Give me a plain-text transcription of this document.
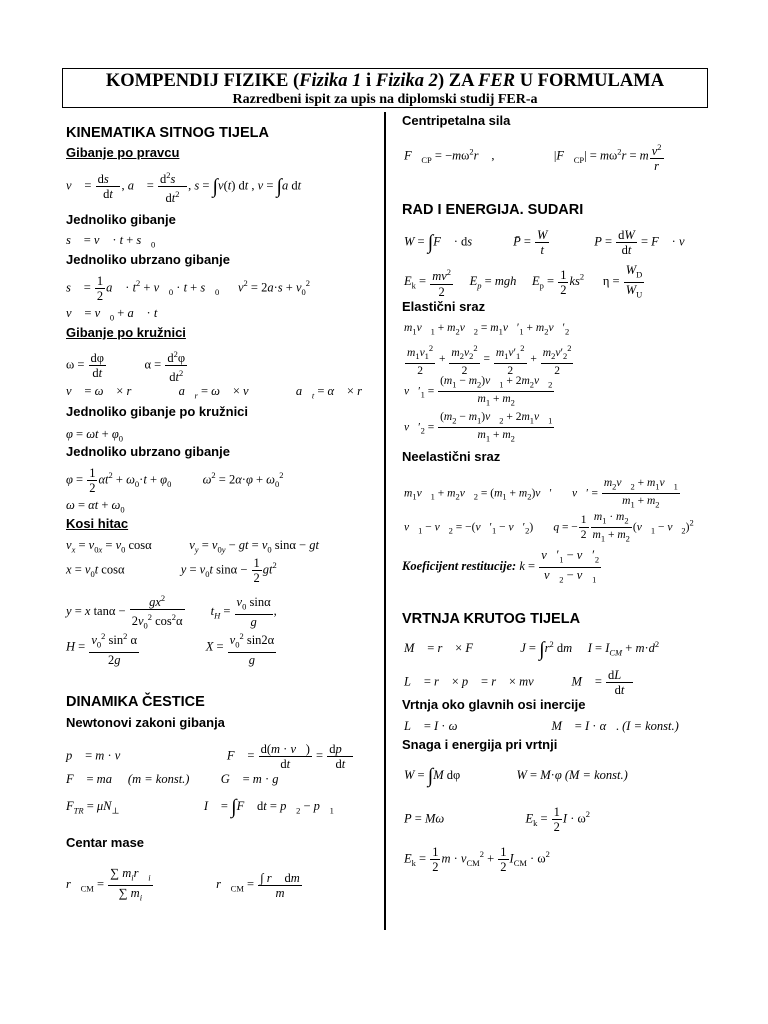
KOMPENDIJ FIZIKE (Fizika 1 i Fizika 2) ZA FER U FORMULAMA
Razredbeni ispit za upis na diplomski studij FER-a
KINEMATIKA SITNOG TIJELA
Gibanje po pravcu
v⃗ = $\frac{ds⃗}{dt}$ , a⃗ = $\frac{d^2s⃗}{dt^2}$ , s = ∫v(t) dt , v = ∫a dt
Jednoliko gibanje
s⃗ = v⃗ · $t + s⃗_0$
Jednoliko ubrzano gibanje
s⃗ = $\frac{1}{2}$ a⃗ · $t^2$ + $v⃗_0 \cdot t$ + $s⃗_0$ $v^2 = 2a\cdot s + v_0^2$
v⃗ = $v⃗_0$ + a⃗ · t
Gibanje po kružnici
$\omega = \frac{d\varphi}{dt}$ $\alpha = \frac{d^2\varphi}{dt^2}$
v⃗ = ω⃗ × r⃗	$a⃗_r$ = ω⃗ × v⃗	$a⃗_t$ = α⃗ × r⃗
Jednoliko gibanje po kružnici
$\varphi = \omega t + \varphi_0$
Jednoliko ubrzano gibanje
$\varphi = \frac{1}{2} \alpha t^2 + \omega_0\cdot t + \varphi_0$	$\omega^2 = 2\alpha\cdot\varphi + \omega_0^2$
$\omega = \alpha t + \omega_0$
Kosi hitac
$v_x = v_{0x} = v_0$ cosα            $v_y = v_{0y}$ − gt = $v_0$ sinα − gt
$x = v_0t$ cosα                  $y = v_0t$ $\sin\alpha - \frac{1}{2} gt^2$
y = x $\tan\alpha - \frac{gx^2}{2v_0^2 \cos^2\alpha} t_H = \frac{v_0 \sin\alpha}{g}$ ,
$H = \frac{v_0^2 \sin^2 \alpha}{2g}$	$X = \frac{v_0^2 \sin 2\alpha}{g}$
DINAMIKA ČESTICE
Newtonovi zakoni gibanja
p⃗ = m · v⃗	F⃗ = $\frac{d(m \cdot v⃗)}{dt} = \frac{dp⃗}{dt}$
F⃗ = ma⃗ (m = konst.)	G⃗ = m · g⃗
$F_{TR} = \mu N_\perp$	I⃗ = ∫F⃗ dt = $p⃗_2$ − $p⃗_1$
Centar mase
$r⃗_{CM}$ =
∑ $m_ir⃗_i$
∑ $m_i$
$r⃗_{CM} = \frac{\int r⃗ dm}{m}$
Centripetalna sila
$F⃗_{CP}$ = $-m\omega^2r⃗$ ,                   $|F⃗_{CP}| = m\omega^2r = m \frac{v^2}{r}$
RAD I ENERGIJA. SUDARI
W = ∫F⃗ · ds⃗	P̄ = $\frac{W}{t}$	$P = \frac{dW}{dt}$ = F⃗ · v⃗
$E_k = \frac{mv^2}{2} E_p$ = mgh $E_p = \frac{1}{2} ks^2$      $\eta = \frac{W_D}{W_U}$
Elastični sraz
$m_1v⃗_1$ + $m_2v⃗_2$ = $m_1v⃗'_1$ + $m_2v⃗'_2$
$\frac{m_1v_1^2}{2} + \frac{m_2v_2^2}{2} = \frac{m_1v'_1^2}{2} + \frac{m_2v'_2^2}{2}$
$v⃗'_1 = \frac{(m_1 - m_2)v⃗_1 + 2m_2v⃗_2}{m_1 + m_2}$
$v⃗'_2 = \frac{(m_2 - m_1)v⃗_2 + 2m_1v⃗_1}{m_1 + m_2}$
Neelastični sraz
$m_1v⃗_1$ + $m_2v⃗_2 = (m_1$ + $m_2)v⃗'$       v⃗′ = $\frac{m_2v⃗_2 + m_1v⃗_1}{m_1 + m_2}$
$v⃗_1$ − $v⃗_2$ = $-(v⃗'_1$ − $v⃗'_2$)       q = − $\frac{1}{2} \frac{m_1 \cdot m_2}{m_1 + m_2}$ ($v⃗_1$ − $v⃗_2)^2$
Koeficijent restitucije: $k = \frac{v⃗'_1 - v⃗'_2}{v⃗_2 - v⃗_1}$
VRTNJA KRUTOG TIJELA
M⃗ = r⃗ × F⃗	$J = \int r^2$ dm $I = I_{CM} + m\cdot d^2$
L⃗ = r⃗ × p⃗ = r⃗ × mv⃗ M⃗ = $\frac{dL⃗}{dt}$
Vrtnja oko glavnih osi inercije
L⃗ = I · ω⃗	M⃗ = I · α⃗. (I = konst.)
Snaga i energija pri vrtnji
W = ∫M dφ                  W = M·φ (M = konst.)
P = Mω	$E_k = \frac{1}{2}$ $I \cdot \omega^2$
$E_k = \frac{1}{2}$ $m \cdot v_{CM}^2 + \frac{1}{2} I_{CM} \cdot \omega^2$
